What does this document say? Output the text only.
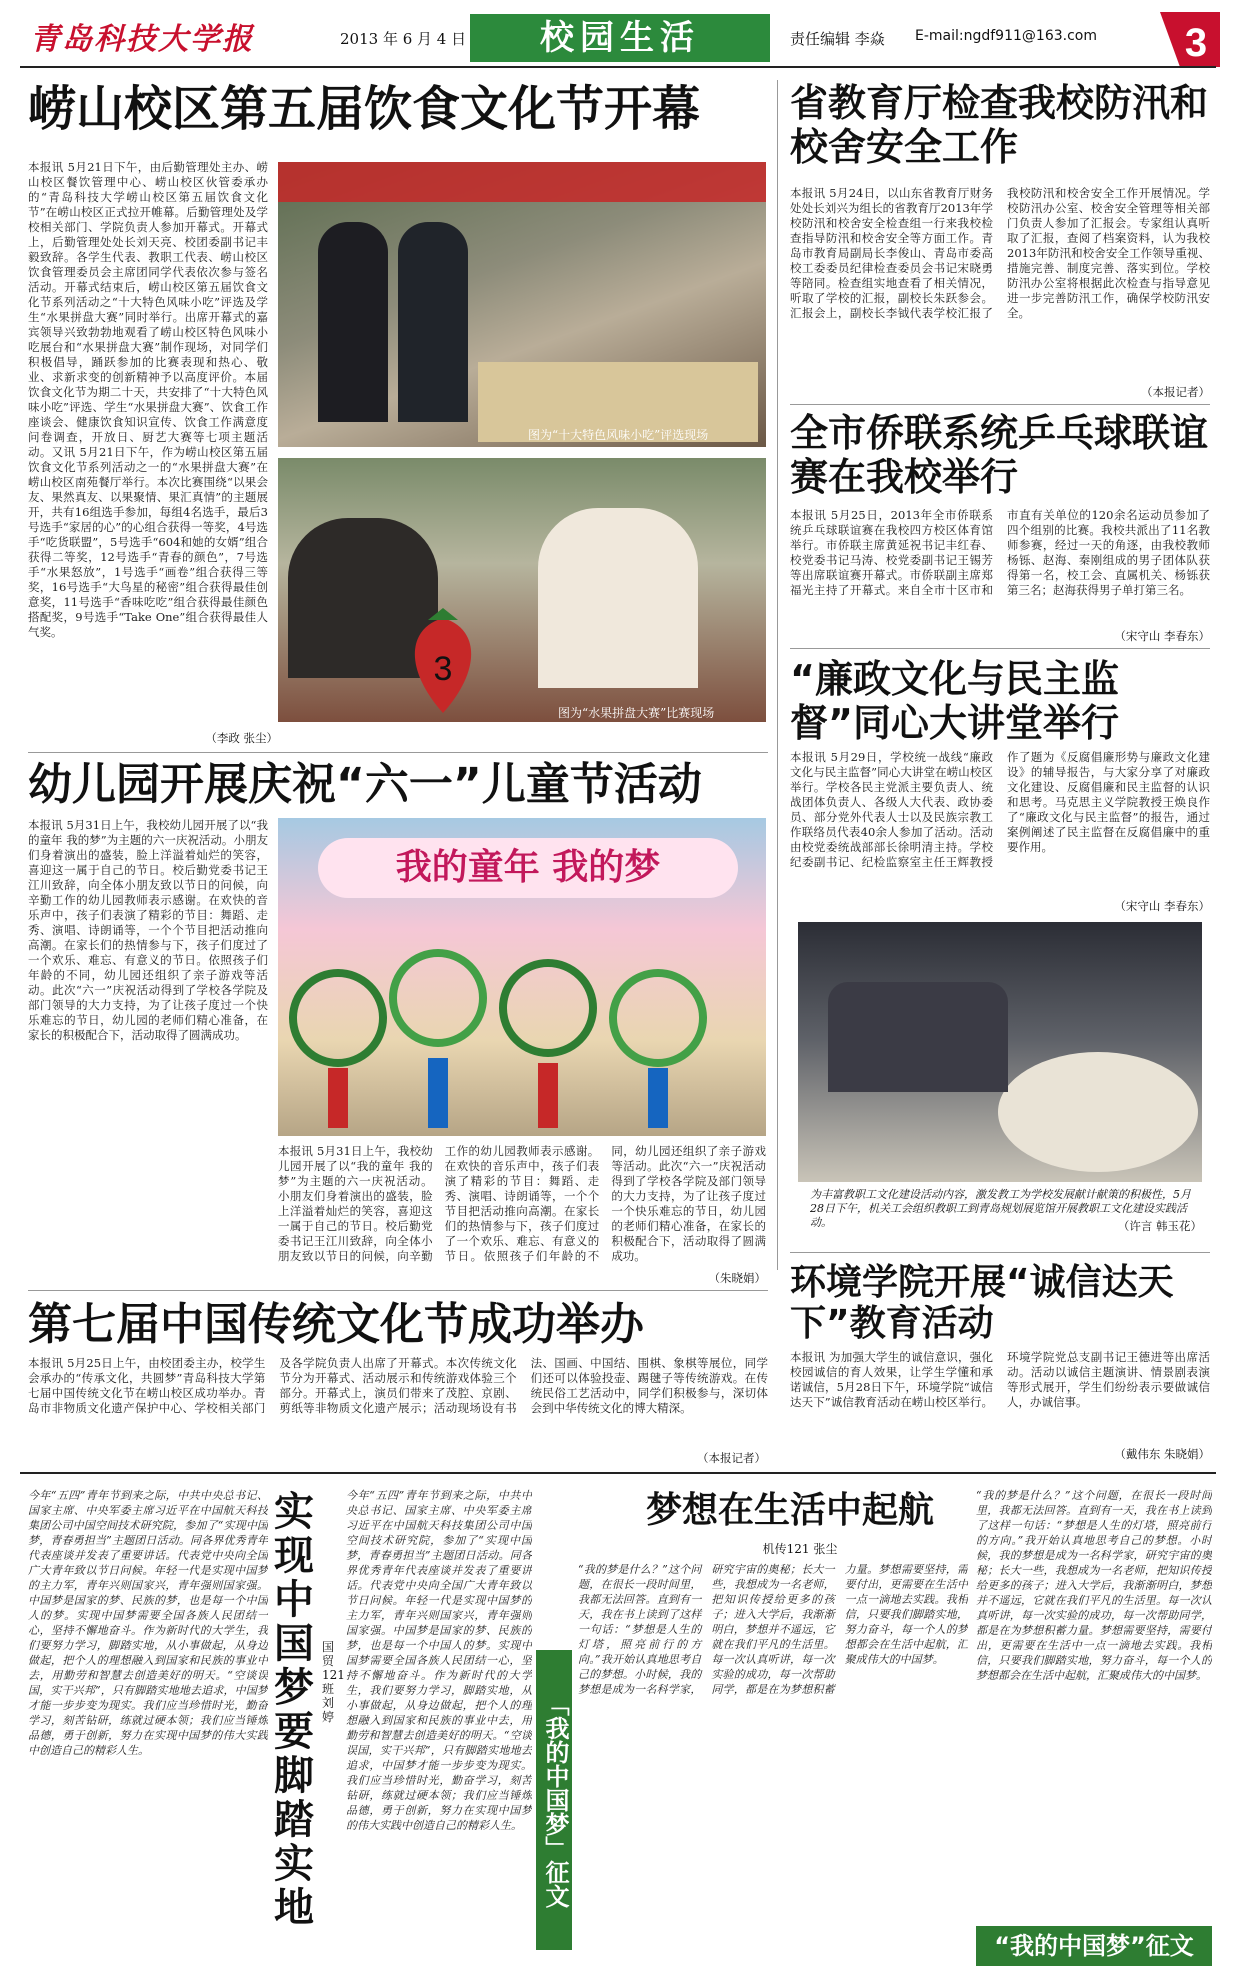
青岛科技大学报	2013 年 6 月 4 日	校园生活	责任编辑 李焱 E-mail:ngdf911@163.com 3
崂山校区第五届饮食文化节开幕
本报讯 5月21日下午，由后勤管理处主办、崂山校区餐饮管理中心、崂山校区伙管委承办的“青岛科技大学崂山校区第五届饮食文化节”在崂山校区正式拉开帷幕。后勤管理处及学校相关部门、学院负责人参加开幕式。开幕式上，后勤管理处处长刘天亮、校团委副书记丰毅致辞。各学生代表、教职工代表、崂山校区饮食管理委员会主席团同学代表依次参与签名活动。开幕式结束后，崂山校区第五届饮食文化节系列活动之“十大特色风味小吃”评选及学生“水果拼盘大赛”同时举行。出席开幕式的嘉宾领导兴致勃勃地观看了崂山校区特色风味小吃展台和“水果拼盘大赛”制作现场，对同学们积极倡导，踊跃参加的比赛表现和热心、敬业、求新求变的创新精神予以高度评价。本届饮食文化节为期二十天，共安排了“十大特色风味小吃”评选、学生“水果拼盘大赛”、饮食工作座谈会、健康饮食知识宣传、饮食工作满意度问卷调查，开放日、厨艺大赛等七项主题活动。又讯 5月21日下午，作为崂山校区第五届饮食文化节系列活动之一的“水果拼盘大赛”在崂山校区南苑餐厅举行。本次比赛围绕“以果会友、果然真友、以果聚情、果汇真情”的主题展开，共有16组选手参加，每组4名选手，最后3号选手“家居的心”的心组合获得一等奖，4号选手“吃货联盟”，5号选手“604和她的女婿”组合获得二等奖，12号选手“青春的颜色”，7号选手“水果怒放”，1号选手“画卷”组合获得三等奖，16号选手“大鸟星的秘密”组合获得最佳创意奖，11号选手“香味吃吃”组合获得最佳颜色搭配奖，9号选手“Take One”组合获得最佳人气奖。
图为“十大特色风味小吃”评选现场
3
图为“水果拼盘大赛”比赛现场
（李政 张尘）
省教育厅检查我校防汛和校舍安全工作
本报讯 5月24日，以山东省教育厅财务处处长刘兴为组长的省教育厅2013年学校防汛和校舍安全检查组一行来我校检查指导防汛和校舍安全等方面工作。青岛市教育局副局长李俊山、青岛市委高校工委委员纪律检查委员会书记宋晓勇等陪同。检查组实地查看了相关情况，听取了学校的汇报，副校长朱跃参会。汇报会上，副校长李钺代表学校汇报了我校防汛和校舍安全工作开展情况。学校防汛办公室、校舍安全管理等相关部门负责人参加了汇报会。专家组认真听取了汇报，查阅了档案资料，认为我校2013年防汛和校舍安全工作领导重视、措施完善、制度完善、落实到位。学校防汛办公室将根据此次检查与指导意见进一步完善防汛工作，确保学校防汛安全。
（本报记者）
全市侨联系统乒乓球联谊赛在我校举行
本报讯 5月25日，2013年全市侨联系统乒乓球联谊赛在我校四方校区体育馆举行。市侨联主席黄延祝书记丰红春、校党委书记马涛、校党委副书记王锡芳等出席联谊赛开幕式。市侨联副主席郑福光主持了开幕式。来自全市十区市和市直有关单位的120余名运动员参加了四个组别的比赛。我校共派出了11名教师参赛，经过一天的角逐，由我校教师杨铄、赵海、秦刚组成的男子团体队获得第一名，校工会、直属机关、杨铄获第三名；赵海获得男子单打第三名。
（宋守山 李春东）
“廉政文化与民主监督”同心大讲堂举行
本报讯 5月29日，学校统一战线“廉政文化与民主监督”同心大讲堂在崂山校区举行。学校各民主党派主要负责人、统战团体负责人、各级人大代表、政协委员、部分党外代表人士以及民族宗教工作联络员代表40余人参加了活动。活动由校党委统战部部长徐明清主持。学校纪委副书记、纪检监察室主任王辉教授作了题为《反腐倡廉形势与廉政文化建设》的辅导报告，与大家分享了对廉政文化建设、反腐倡廉和民主监督的认识和思考。马克思主义学院教授王焕良作了“廉政文化与民主监督”的报告，通过案例阐述了民主监督在反腐倡廉中的重要作用。
（宋守山 李春东）
为丰富教职工文化建设活动内容，激发教工为学校发展献计献策的积极性，5月28日下午，机关工会组织教职工到青岛规划展览馆开展教职工文化建设实践活动。	（许言 韩玉花）
幼儿园开展庆祝“六一”儿童节活动
本报讯 5月31日上午，我校幼儿园开展了以“我的童年 我的梦”为主题的六一庆祝活动。小朋友们身着演出的盛装，脸上洋溢着灿烂的笑容，喜迎这一属于自己的节日。校后勤党委书记王江川致辞，向全体小朋友致以节日的问候，向辛勤工作的幼儿园教师表示感谢。在欢快的音乐声中，孩子们表演了精彩的节目：舞蹈、走秀、演唱、诗朗诵等，一个个节目把活动推向高潮。在家长们的热情参与下，孩子们度过了一个欢乐、难忘、有意义的节日。依照孩子们年龄的不同，幼儿园还组织了亲子游戏等活动。此次“六一”庆祝活动得到了学校各学院及部门领导的大力支持，为了让孩子度过一个快乐难忘的节日，幼儿园的老师们精心准备，在家长的积极配合下，活动取得了圆满成功。
我的童年 我的梦
本报讯 5月31日上午，我校幼儿园开展了以“我的童年 我的梦”为主题的六一庆祝活动。小朋友们身着演出的盛装，脸上洋溢着灿烂的笑容，喜迎这一属于自己的节日。校后勤党委书记王江川致辞，向全体小朋友致以节日的问候，向辛勤工作的幼儿园教师表示感谢。在欢快的音乐声中，孩子们表演了精彩的节目：舞蹈、走秀、演唱、诗朗诵等，一个个节目把活动推向高潮。在家长们的热情参与下，孩子们度过了一个欢乐、难忘、有意义的节日。依照孩子们年龄的不同，幼儿园还组织了亲子游戏等活动。此次“六一”庆祝活动得到了学校各学院及部门领导的大力支持，为了让孩子度过一个快乐难忘的节日，幼儿园的老师们精心准备，在家长的积极配合下，活动取得了圆满成功。
（朱晓娟） 环境学院开展“诚信达天下”教育活动
本报讯 为加强大学生的诚信意识，强化校园诚信的育人效果，让学生学懂和承诺诚信，5月28日下午，环境学院“诚信达天下”诚信教育活动在崂山校区举行。环境学院党总支副书记王德进等出席活动。活动以诚信主题演讲、情景剧表演等形式展开，学生们纷纷表示要做诚信人，办诚信事。
（戴伟东 朱晓娟）
第七届中国传统文化节成功举办
本报讯 5月25日上午，由校团委主办，校学生会承办的“传承文化，共圆梦”青岛科技大学第七届中国传统文化节在崂山校区成功举办。青岛市非物质文化遗产保护中心、学校相关部门及各学院负责人出席了开幕式。本次传统文化节分为开幕式、活动展示和传统游戏体验三个部分。开幕式上，演员们带来了茂腔、京剧、剪纸等非物质文化遗产展示；活动现场设有书法、国画、中国结、围棋、象棋等展位，同学们还可以体验投壶、踢毽子等传统游戏。在传统民俗工艺活动中，同学们积极参与，深切体会到中华传统文化的博大精深。
（本报记者）
今年“五四”青年节到来之际，中共中央总书记、国家主席、中央军委主席习近平在中国航天科技集团公司中国空间技术研究院，参加了“实现中国梦，青春勇担当”主题团日活动。同各界优秀青年代表座谈并发表了重要讲话。代表党中央向全国广大青年致以节日问候。年轻一代是实现中国梦的主力军，青年兴则国家兴，青年强则国家强。中国梦是国家的梦、民族的梦，也是每一个中国人的梦。实现中国梦需要全国各族人民团结一心，坚持不懈地奋斗。作为新时代的大学生，我们要努力学习，脚踏实地，从小事做起，从身边做起，把个人的理想融入到国家和民族的事业中去，用勤劳和智慧去创造美好的明天。“空谈误国，实干兴邦”，只有脚踏实地地去追求，中国梦才能一步步变为现实。我们应当珍惜时光，勤奋学习，刻苦钻研，练就过硬本领；我们应当锤炼品德，勇于创新，努力在实现中国梦的伟大实践中创造自己的精彩人生。
实现中国梦要脚踏实地
国贸121班 刘婷
今年“五四”青年节到来之际，中共中央总书记、国家主席、中央军委主席习近平在中国航天科技集团公司中国空间技术研究院，参加了“实现中国梦，青春勇担当”主题团日活动。同各界优秀青年代表座谈并发表了重要讲话。代表党中央向全国广大青年致以节日问候。年轻一代是实现中国梦的主力军，青年兴则国家兴，青年强则国家强。中国梦是国家的梦、民族的梦，也是每一个中国人的梦。实现中国梦需要全国各族人民团结一心，坚持不懈地奋斗。作为新时代的大学生，我们要努力学习，脚踏实地，从小事做起，从身边做起，把个人的理想融入到国家和民族的事业中去，用勤劳和智慧去创造美好的明天。“空谈误国，实干兴邦”，只有脚踏实地地去追求，中国梦才能一步步变为现实。我们应当珍惜时光，勤奋学习，刻苦钻研，练就过硬本领；我们应当锤炼品德，勇于创新，努力在实现中国梦的伟大实践中创造自己的精彩人生。 「我的中国梦」征文
梦想在生活中起航
机传121 张尘
“我的梦是什么？”这个问题，在很长一段时间里，我都无法回答。直到有一天，我在书上读到了这样一句话：“梦想是人生的灯塔，照亮前行的方向。”我开始认真地思考自己的梦想。小时候，我的梦想是成为一名科学家，研究宇宙的奥秘；长大一些，我想成为一名老师，把知识传授给更多的孩子；进入大学后，我渐渐明白，梦想并不遥远，它就在我们平凡的生活里。每一次认真听讲，每一次实验的成功，每一次帮助同学，都是在为梦想积蓄力量。梦想需要坚持，需要付出，更需要在生活中一点一滴地去实践。我相信，只要我们脚踏实地，努力奋斗，每一个人的梦想都会在生活中起航，汇聚成伟大的中国梦。
“我的梦是什么？”这个问题，在很长一段时间里，我都无法回答。直到有一天，我在书上读到了这样一句话：“梦想是人生的灯塔，照亮前行的方向。”我开始认真地思考自己的梦想。小时候，我的梦想是成为一名科学家，研究宇宙的奥秘；长大一些，我想成为一名老师，把知识传授给更多的孩子；进入大学后，我渐渐明白，梦想并不遥远，它就在我们平凡的生活里。每一次认真听讲，每一次实验的成功，每一次帮助同学，都是在为梦想积蓄力量。梦想需要坚持，需要付出，更需要在生活中一点一滴地去实践。我相信，只要我们脚踏实地，努力奋斗，每一个人的梦想都会在生活中起航，汇聚成伟大的中国梦。
“我的中国梦”征文
